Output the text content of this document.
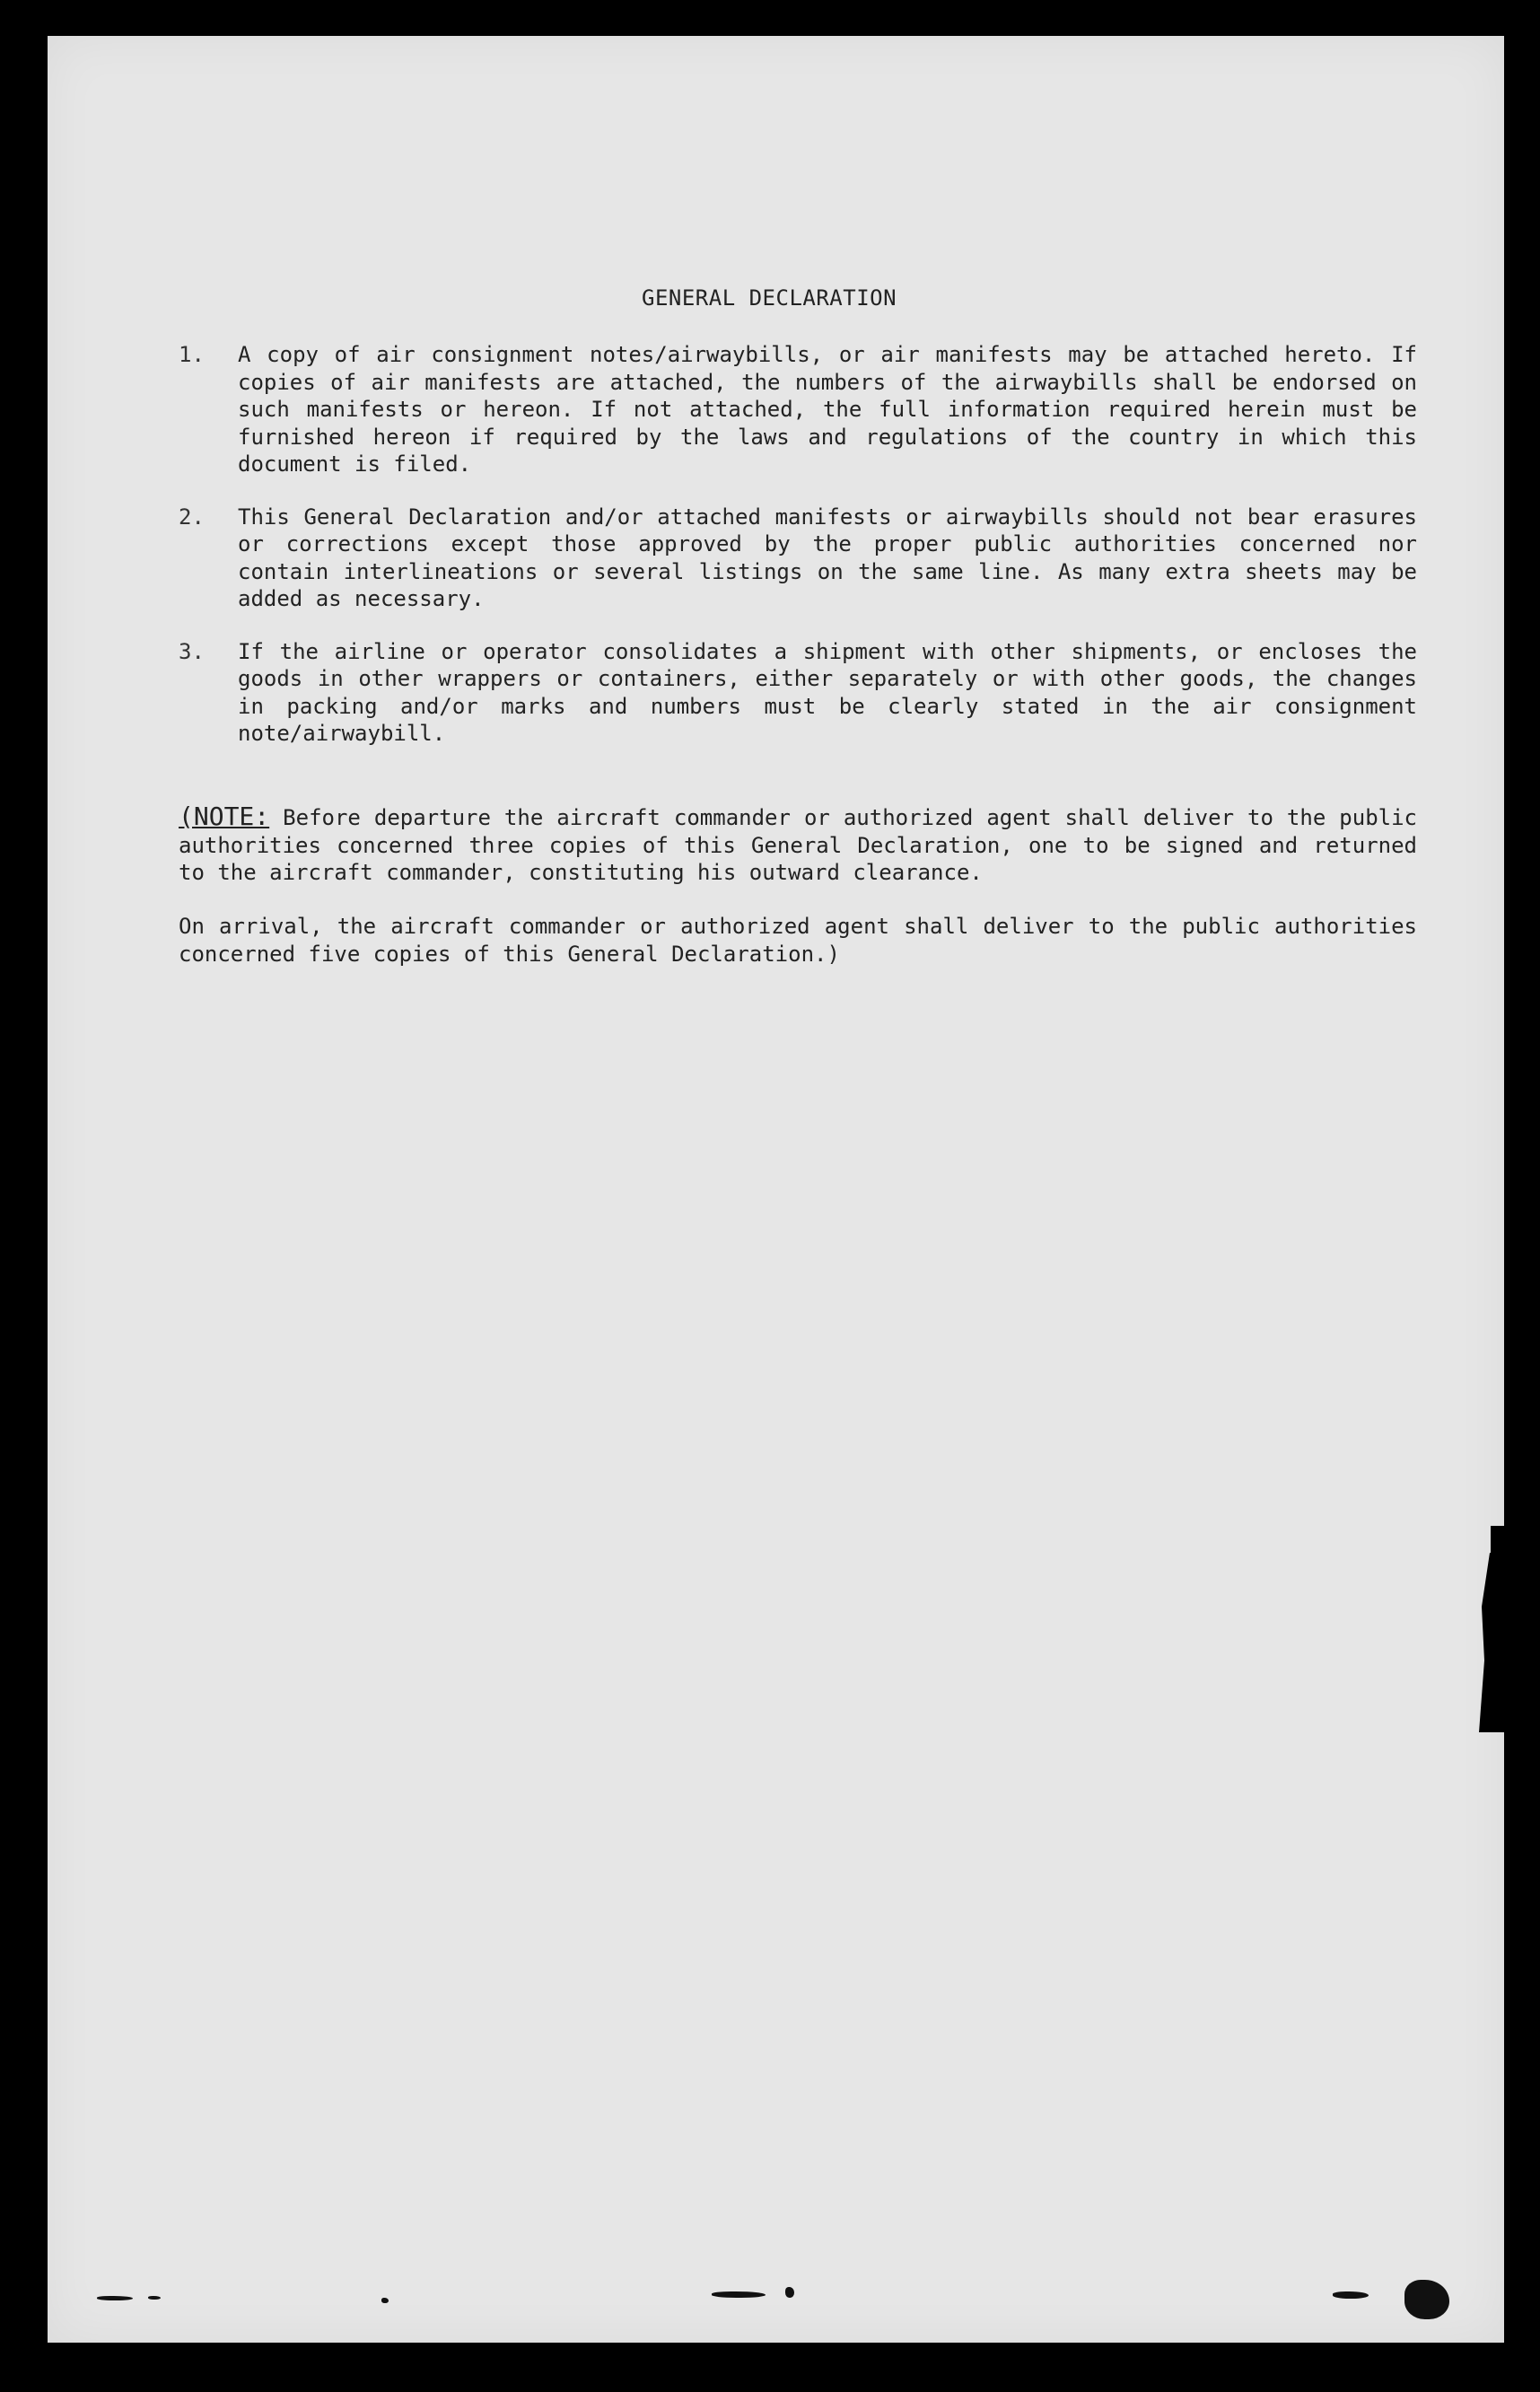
GENERAL DECLARATION
1.	A copy of air consignment notes/airwaybills, or air manifests may be attached hereto. If copies of air manifests are attached, the numbers of the airwaybills shall be endorsed on such manifests or hereon. If not attached, the full information required herein must be furnished hereon if required by the laws and regulations of the country in which this document is filed.
2.	This General Declaration and/or attached manifests or airwaybills should not bear erasures or corrections except those approved by the proper public authorities concerned nor contain interlineations or several listings on the same line. As many extra sheets may be added as necessary.
3.	If the airline or operator consolidates a shipment with other shipments, or encloses the goods in other wrappers or containers, either separately or with other goods, the changes in packing and/or marks and numbers must be clearly stated in the air consignment note/airwaybill.
(NOTE: Before departure the aircraft commander or authorized agent shall deliver to the public authorities concerned three copies of this General Declaration, one to be signed and returned to the aircraft commander, constituting his outward clearance.
On arrival, the aircraft commander or authorized agent shall deliver to the public authorities concerned five copies of this General Declaration.)
